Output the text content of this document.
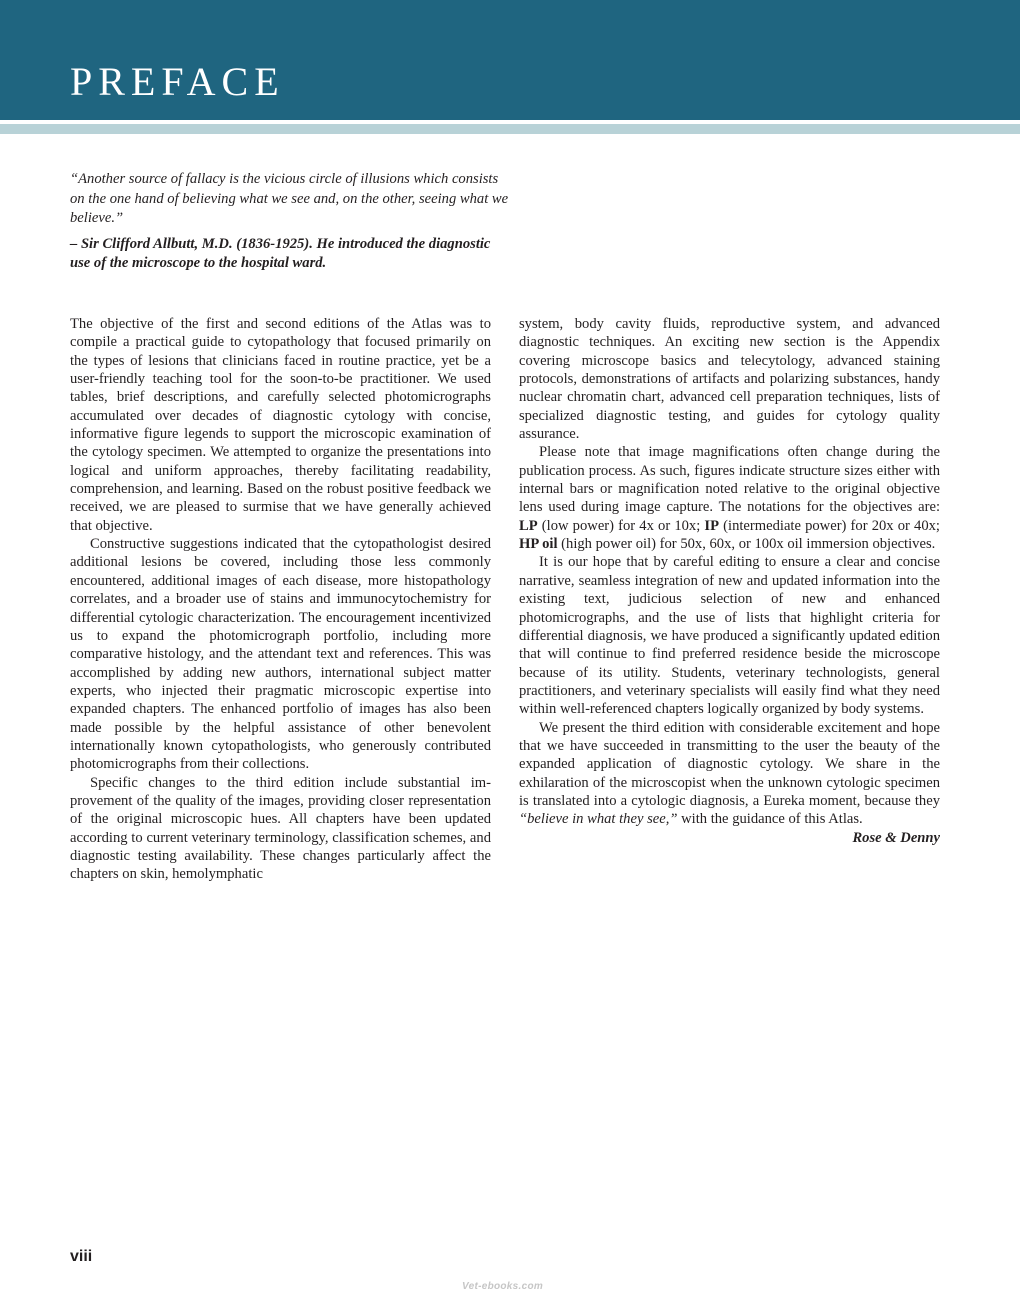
PREFACE

“Another source of fallacy is the vicious circle of illusions which consists on the one hand of believing what we see and, on the other, seeing what we believe.”

– Sir Clifford Allbutt, M.D. (1836-1925). He introduced the diagnostic use of the microscope to the hospital ward.

The objective of the first and second editions of the Atlas was to compile a practical guide to cytopathology that focused primarily on the types of lesions that clinicians faced in routine practice, yet be a user-friendly teaching tool for the soon-to-be practitioner. We used tables, brief descriptions, and carefully selected photomicrographs accumulated over decades of diagnostic cytology with concise, informative figure legends to support the microscopic examination of the cytology specimen. We attempted to organize the presentations into logical and uniform approaches, thereby facilitating readability, comprehension, and learning. Based on the robust positive feedback we received, we are pleased to surmise that we have generally achieved that objective.

Constructive suggestions indicated that the cytopathologist desired additional lesions be covered, including those less commonly encountered, additional images of each disease, more histopathology correlates, and a broader use of stains and immunocytochemistry for differential cytologic characterization. The encouragement incentivized us to expand the photomicrograph portfolio, including more comparative histology, and the attendant text and references. This was accomplished by adding new authors, international subject matter experts, who injected their pragmatic microscopic expertise into expanded chapters. The enhanced portfolio of images has also been made possible by the helpful assistance of other benevolent internationally known cytopathologists, who generously contributed photomicrographs from their collections.

Specific changes to the third edition include substantial improvement of the quality of the images, providing closer representation of the original microscopic hues. All chapters have been updated according to current veterinary terminology, classification schemes, and diagnostic testing availability. These changes particularly affect the chapters on skin, hemolymphatic

system, body cavity fluids, reproductive system, and advanced diagnostic techniques. An exciting new section is the Appendix covering microscope basics and telecytology, advanced staining protocols, demonstrations of artifacts and polarizing substances, handy nuclear chromatin chart, advanced cell preparation techniques, lists of specialized diagnostic testing, and guides for cytology quality assurance.

Please note that image magnifications often change during the publication process. As such, figures indicate structure sizes either with internal bars or magnification noted relative to the original objective lens used during image capture. The notations for the objectives are: LP (low power) for 4x or 10x; IP (intermediate power) for 20x or 40x; HP oil (high power oil) for 50x, 60x, or 100x oil immersion objectives.

It is our hope that by careful editing to ensure a clear and concise narrative, seamless integration of new and updated information into the existing text, judicious selection of new and enhanced photomicrographs, and the use of lists that highlight criteria for differential diagnosis, we have produced a significantly updated edition that will continue to find preferred residence beside the microscope because of its utility. Students, veterinary technologists, general practitioners, and veterinary specialists will easily find what they need within well-referenced chapters logically organized by body systems.

We present the third edition with considerable excitement and hope that we have succeeded in transmitting to the user the beauty of the expanded application of diagnostic cytology. We share in the exhilaration of the microscopist when the unknown cytologic specimen is translated into a cytologic diagnosis, a Eureka moment, because they “believe in what they see,” with the guidance of this Atlas.

Rose & Denny

viii
Vet-ebooks.com
